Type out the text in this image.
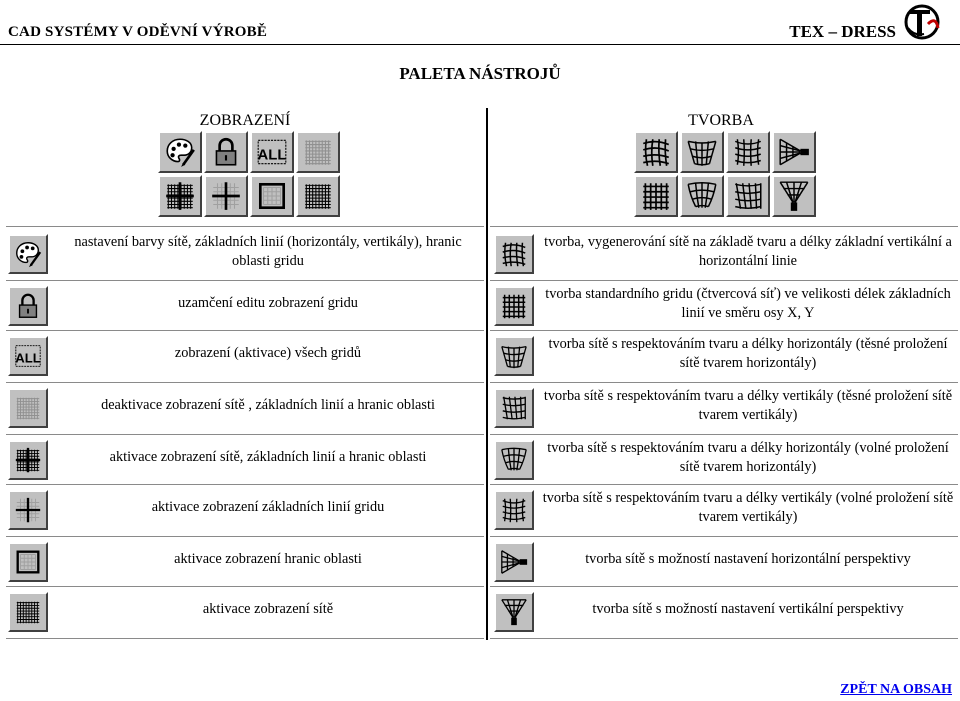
CAD SYSTÉMY V ODĚVNÍ VÝROBĚ	TEX – DRESS
PALETA NÁSTROJŮ
ZOBRAZENÍ	TVORBA
nastavení barvy sítě, základních linií (horizontály, vertikály), hranic oblasti gridu
uzamčení editu zobrazení gridu
zobrazení (aktivace) všech gridů
deaktivace zobrazení sítě , základních linií a hranic oblasti
aktivace zobrazení sítě, základních linií a hranic oblasti
aktivace zobrazení základních linií gridu
aktivace zobrazení hranic oblasti
aktivace zobrazení sítě
tvorba, vygenerování sítě na základě tvaru a délky základní vertikální a horizontální linie
tvorba standardního gridu (čtvercová síť) ve velikosti délek základních linií ve směru osy X, Y
tvorba sítě s respektováním tvaru a délky horizontály (těsné proložení sítě tvarem horizontály)
tvorba sítě s respektováním tvaru a délky vertikály (těsné proložení sítě tvarem vertikály)
tvorba sítě s respektováním tvaru a délky horizontály (volné proložení sítě tvarem horizontály)
tvorba sítě s respektováním tvaru a délky vertikály (volné proložení sítě tvarem vertikály)
tvorba sítě s možností nastavení horizontální perspektivy
tvorba sítě s možností nastavení vertikální perspektivy
ZPĚT NA OBSAH
